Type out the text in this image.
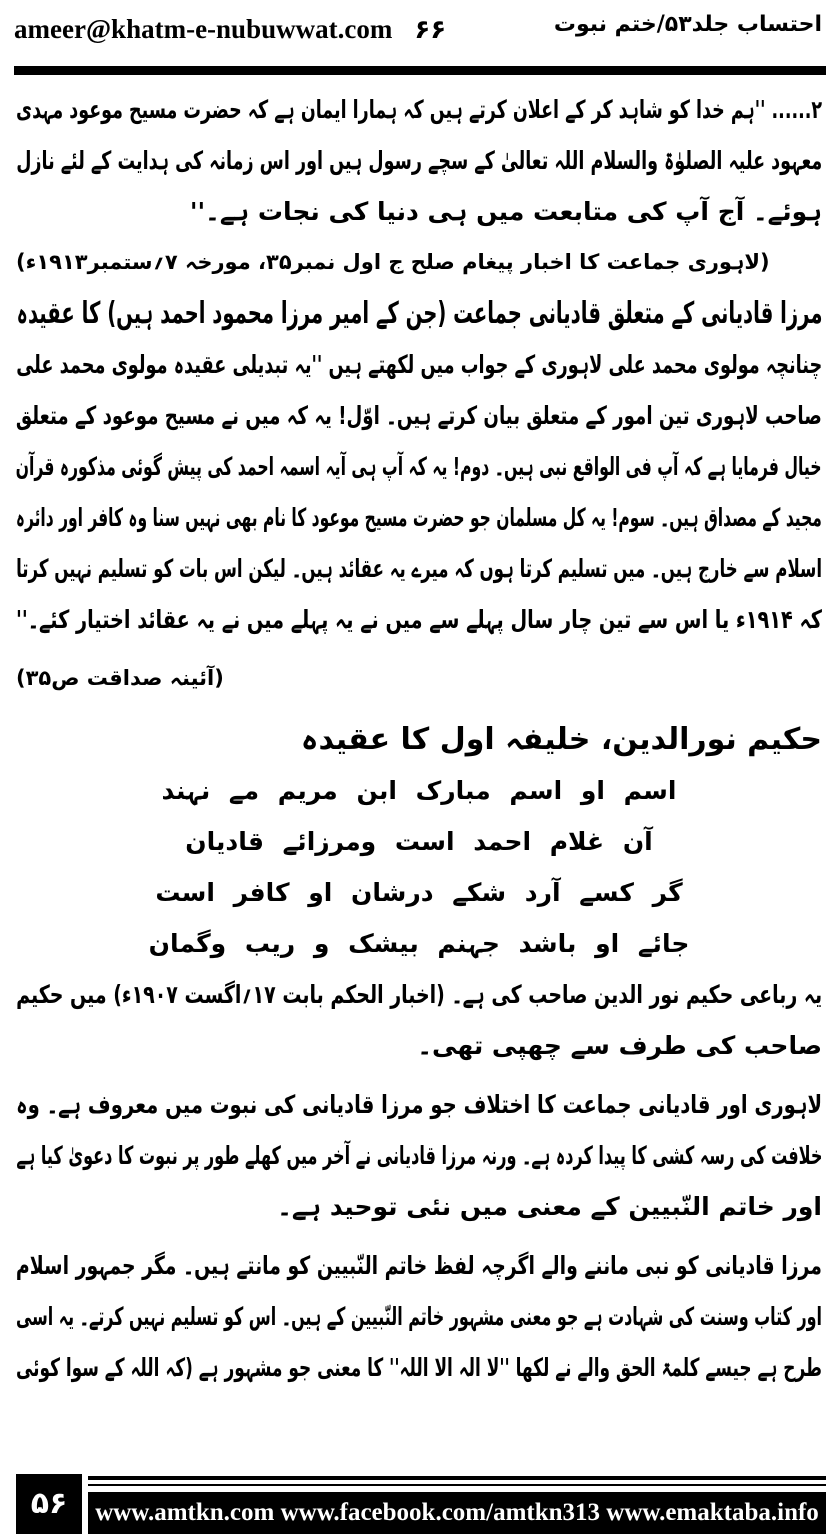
ameer@khatm-e-nubuwwat.com ۶۶	احتساب جلد۵۳/ختم نبوت
۲...... ''ہم خدا کو شاہد کر کے اعلان کرتے ہیں کہ ہمارا ایمان ہے کہ حضرت مسیح موعود مہدی
معہود علیہ الصلوٰۃ والسلام اللہ تعالیٰ کے سچے رسول ہیں اور اس زمانہ کی ہدایت کے لئے نازل
ہوئے۔ آج آپ کی متابعت میں ہی دنیا کی نجات ہے۔''
(لاہوری جماعت کا اخبار پیغام صلح ج اول نمبر۳۵، مورخہ ۷؍ستمبر۱۹۱۳ء)
مرزا قادیانی کے متعلق قادیانی جماعت (جن کے امیر مرزا محمود احمد ہیں) کا عقیدہ
چنانچہ مولوی محمد علی لاہوری کے جواب میں لکھتے ہیں ''یہ تبدیلی عقیدہ مولوی محمد علی
صاحب لاہوری تین امور کے متعلق بیان کرتے ہیں۔ اوّل! یہ کہ میں نے مسیح موعود کے متعلق
خیال فرمایا ہے کہ آپ فی الواقع نبی ہیں۔ دوم! یہ کہ آپ ہی آیہ اسمہ احمد کی پیش گوئی مذکورہ قرآن
مجید کے مصداق ہیں۔ سوم! یہ کل مسلمان جو حضرت مسیح موعود کا نام بھی نہیں سنا وہ کافر اور دائرہ
اسلام سے خارج ہیں۔ میں تسلیم کرتا ہوں کہ میرے یہ عقائد ہیں۔ لیکن اس بات کو تسلیم نہیں کرتا
کہ ۱۹۱۴ء یا اس سے تین چار سال پہلے سے میں نے یہ پہلے میں نے یہ عقائد اختیار کئے۔''
(آئینہ صداقت ص۳۵)
حکیم نورالدین، خلیفہ اول کا عقیدہ
اسم او اسم مبارک ابن مریم مے نہند
آن غلام احمد است ومرزائے قادیان
گر کسے آرد شکے درشان او کافر است
جائے او باشد جہنم بیشک و ریب وگمان
یہ رباعی حکیم نور الدین صاحب کی ہے۔ (اخبار الحکم بابت ۱۷؍اگست ۱۹۰۷ء) میں حکیم
صاحب کی طرف سے چھپی تھی۔
لاہوری اور قادیانی جماعت کا اختلاف جو مرزا قادیانی کی نبوت میں معروف ہے۔ وہ
خلافت کی رسہ کشی کا پیدا کردہ ہے۔ ورنہ مرزا قادیانی نے آخر میں کھلے طور پر نبوت کا دعویٰ کیا ہے
اور خاتم النّبیین کے معنی میں نئی توحید ہے۔
مرزا قادیانی کو نبی ماننے والے اگرچہ لفظ خاتم النّبیین کو مانتے ہیں۔ مگر جمہور اسلام
اور کتاب وسنت کی شہادت ہے جو معنی مشہور خاتم النّبیین کے ہیں۔ اس کو تسلیم نہیں کرتے۔ یہ اسی
طرح ہے جیسے کلمۃ الحق والے نے لکھا ''لا الہ الا اللہ'' کا معنی جو مشہور ہے (کہ اللہ کے سوا کوئی
۵۶	www.amtkn.com www.facebook.com/amtkn313 www.emaktaba.info
